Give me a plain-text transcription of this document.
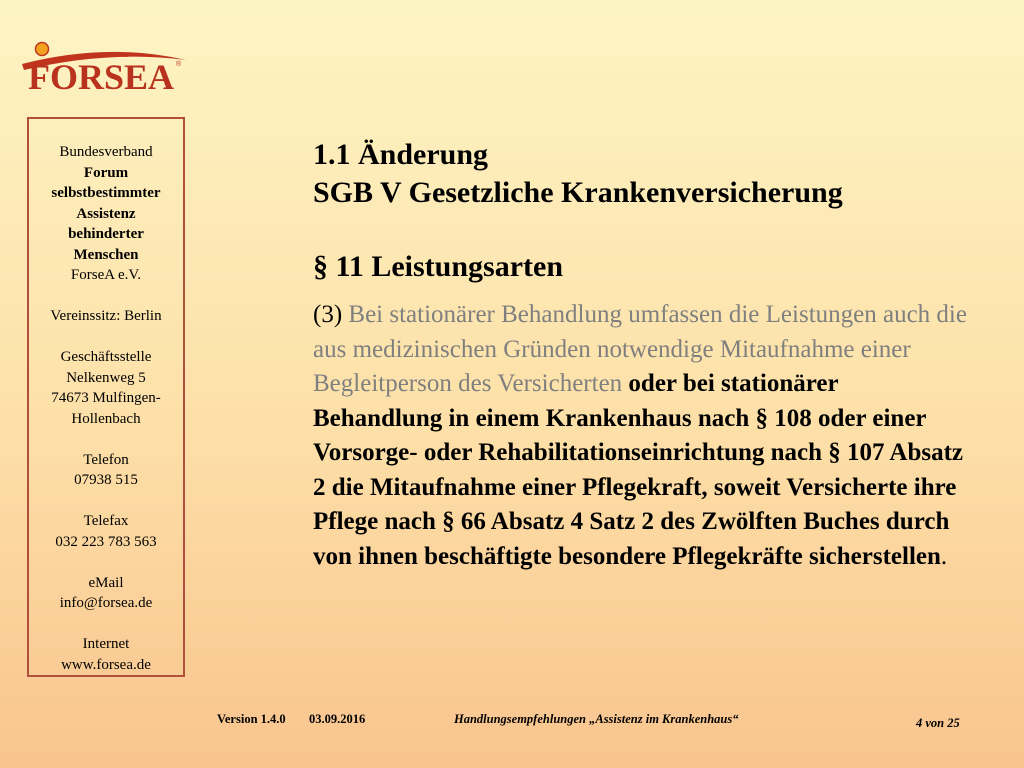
FORSEA ®
Bundesverband
Forum
selbstbestimmter
Assistenz
behinderter
Menschen
ForseA e.V.
Vereinssitz: Berlin
Geschäftsstelle
Nelkenweg 5
74673 Mulfingen-
Hollenbach
Telefon
07938 515
Telefax
032 223 783 563
eMail
info@forsea.de
Internet
www.forsea.de
1.1 Änderung
SGB V Gesetzliche Krankenversicherung
§ 11 Leistungsarten

(3) Bei stationärer Behandlung umfassen die Leistungen auch die aus medizinischen Gründen notwendige Mitaufnahme einer Begleitperson des Versicherten oder bei stationärer Behandlung in einem Krankenhaus nach § 108 oder einer Vorsorge- oder Rehabilitationseinrichtung nach § 107 Absatz 2 die Mitaufnahme einer Pflegekraft, soweit Versicherte ihre Pflege nach § 66 Absatz 4 Satz 2 des Zwölften Buches durch von ihnen beschäftigte besondere Pflegekräfte sicherstellen.

Version 1.4.0 03.09.2016	Handlungsempfehlungen „Assistenz im Krankenhaus“	4 von 25
